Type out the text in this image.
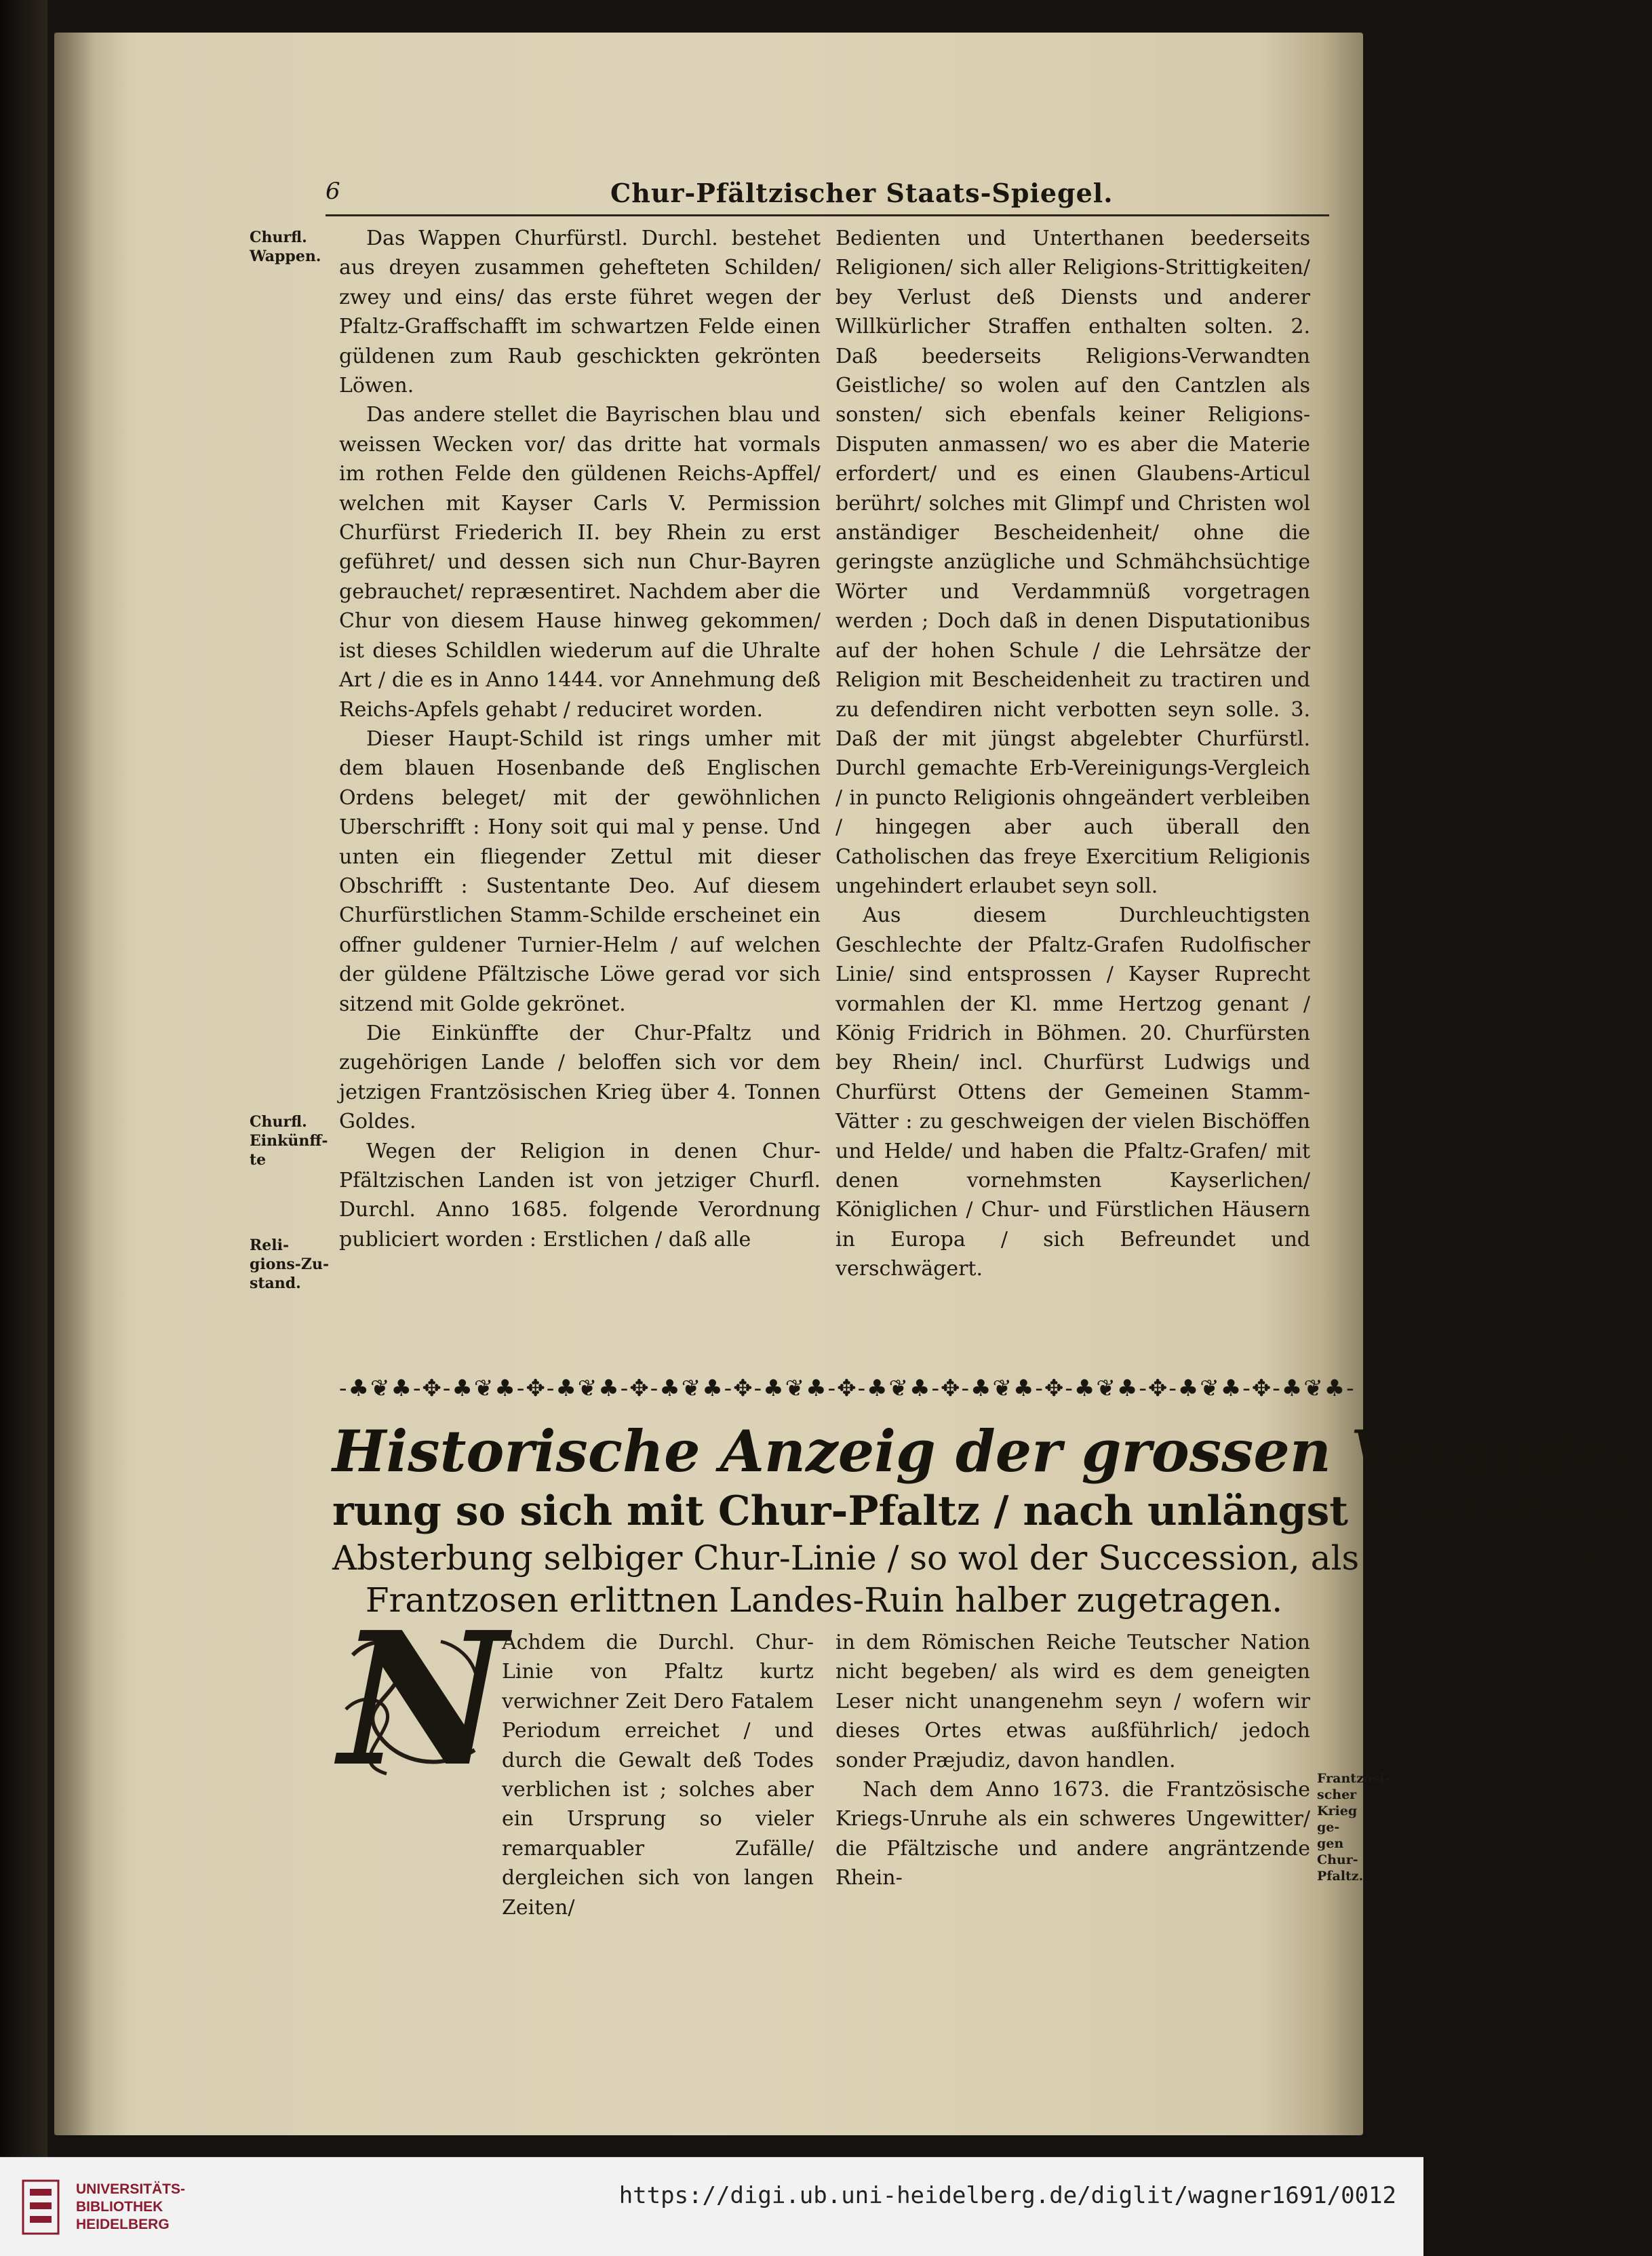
6	Chur-Pfältzischer Staats-Spiegel.
Churfl.
Wappen.
Churfl.
Einkünff-
te
Reli-
gions-Zu-
stand.
Frantzösi-
scher
Krieg ge-
gen Chur-
Pfaltz.

Das Wappen Churfürstl. Durchl. bestehet aus dreyen zusammen gehefteten Schilden/ zwey und eins/ das erste führet wegen der Pfaltz-Graffschafft im schwartzen Felde einen güldenen zum Raub geschickten gekrönten Löwen.

Das andere stellet die Bayrischen blau und weissen Wecken vor/ das dritte hat vormals im rothen Felde den güldenen Reichs-Apffel/ welchen mit Kayser Carls V. Permission Churfürst Friederich II. bey Rhein zu erst geführet/ und dessen sich nun Chur-Bayren gebrauchet/ repræsentiret. Nachdem aber die Chur von diesem Hause hinweg gekommen/ ist dieses Schildlen wiederum auf die Uhralte Art / die es in Anno 1444. vor Annehmung deß Reichs-Apfels gehabt / reduciret worden.

Dieser Haupt-Schild ist rings umher mit dem blauen Hosenbande deß Englischen Ordens beleget/ mit der gewöhnlichen Uberschrifft : Hony soit qui mal y pense. Und unten ein fliegender Zettul mit dieser Obschrifft : Sustentante Deo. Auf diesem Churfürstlichen Stamm-Schilde erscheinet ein offner guldener Turnier-Helm / auf welchen der güldene Pfältzische Löwe gerad vor sich sitzend mit Golde gekrönet.

Die Einkünffte der Chur-Pfaltz und zugehörigen Lande / beloffen sich vor dem jetzigen Frantzösischen Krieg über 4. Tonnen Goldes.

Wegen der Religion in denen Chur-Pfältzischen Landen ist von jetziger Churfl. Durchl. Anno 1685. folgende Verordnung publiciert worden : Erstlichen / daß alle

Bedienten und Unterthanen beederseits Religionen/ sich aller Religions-Strittigkeiten/ bey Verlust deß Diensts und anderer Willkürlicher Straffen enthalten solten. 2. Daß beederseits Religions-Verwandten Geistliche/ so wolen auf den Cantzlen als sonsten/ sich ebenfals keiner Religions-Disputen anmassen/ wo es aber die Materie erfordert/ und es einen Glaubens-Articul berührt/ solches mit Glimpf und Christen wol anständiger Bescheidenheit/ ohne die geringste anzügliche und Schmähchsüchtige Wörter und Verdammnüß vorgetragen werden ; Doch daß in denen Disputationibus auf der hohen Schule / die Lehrsätze der Religion mit Bescheidenheit zu tractiren und zu defendiren nicht verbotten seyn solle. 3. Daß der mit jüngst abgelebter Churfürstl. Durchl gemachte Erb-Vereinigungs-Vergleich / in puncto Religionis ohngeändert verbleiben / hingegen aber auch überall den Catholischen das freye Exercitium Religionis ungehindert erlaubet seyn soll.

Aus diesem Durchleuchtigsten Geschlechte der Pfaltz-Grafen Rudolfischer Linie/ sind entsprossen / Kayser Ruprecht vormahlen der Kl. mme Hertzog genant / König Fridrich in Böhmen. 20. Churfürsten bey Rhein/ incl. Churfürst Ludwigs und Churfürst Ottens der Gemeinen Stamm-Vätter : zu geschweigen der vielen Bischöffen und Helde/ und haben die Pfaltz-Grafen/ mit denen vornehmsten Kayserlichen/ Königlichen / Chur- und Fürstlichen Häusern in Europa / sich Befreundet und verschwägert.

-♣❦♣-✥-♣❦♣-✥-♣❦♣-✥-♣❦♣-✥-♣❦♣-✥-♣❦♣-✥-♣❦♣-✥-♣❦♣-✥-♣❦♣-✥-♣❦♣-
Historische Anzeig der grossen Verände-
rung so sich mit Chur-Pfaltz / nach unlängst beschehener
Absterbung selbiger Chur-Linie / so wol der Succession, als der durch die
Frantzosen erlittnen Landes-Ruin halber zugetragen.
N

Achdem die Durchl. Chur-Linie von Pfaltz kurtz verwichner Zeit Dero Fatalem Periodum erreichet / und durch die Gewalt deß Todes verblichen ist ; solches aber ein Ursprung so vieler remarquabler Zufälle/ dergleichen sich von langen Zeiten/

in dem Römischen Reiche Teutscher Nation nicht begeben/ als wird es dem geneigten Leser nicht unangenehm seyn / wofern wir dieses Ortes etwas außführlich/ jedoch sonder Præjudiz, davon handlen.

Nach dem Anno 1673. die Frantzösische Kriegs-Unruhe als ein schweres Ungewitter/ die Pfältzische und andere angräntzende Rhein-

UNIVERSITÄTS-
BIBLIOTHEK
HEIDELBERG
https://digi.ub.uni-heidelberg.de/diglit/wagner1691/0012
